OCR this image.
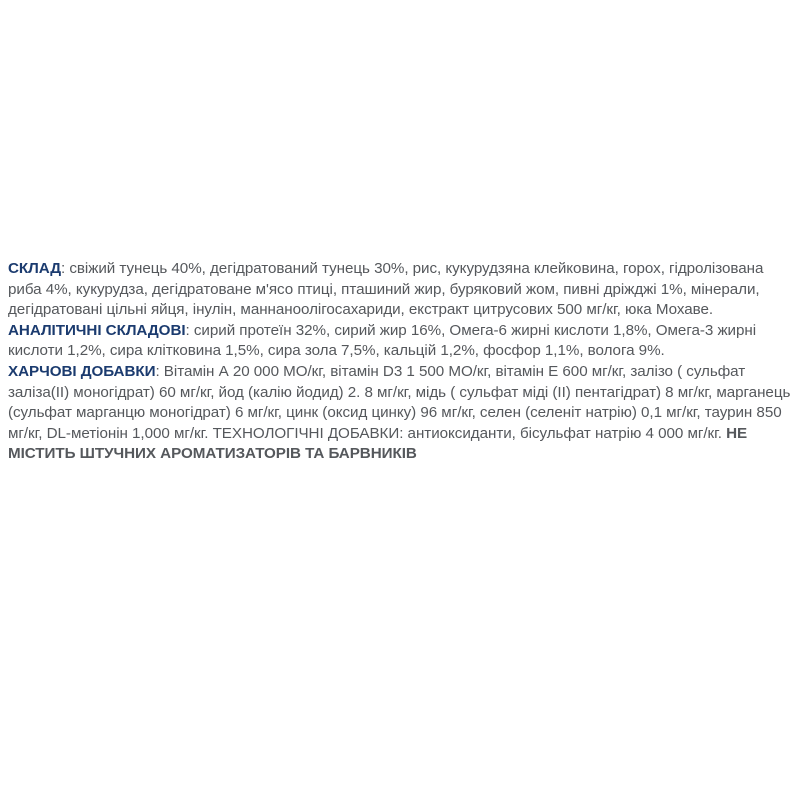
СКЛАД: свіжий тунець 40%, дегідратований тунець 30%, рис, кукурудзяна клейковина, горох, гідролізована риба 4%, кукурудза, дегідратоване м'ясо птиці, пташиний жир, буряковий жом, пивні дріжджі 1%, мінерали, дегідратовані цільні яйця, інулін, маннаноолігосахариди, екстракт цитрусових 500 мг/кг, юка Мохаве.

АНАЛІТИЧНІ СКЛАДОВІ: сирий протеїн 32%, сирий жир 16%, Омега-6 жирні кислоти 1,8%, Омега-3 жирні кислоти 1,2%, сира клітковина 1,5%, сира зола 7,5%, кальцій 1,2%, фосфор 1,1%, волога 9%.

ХАРЧОВІ ДОБАВКИ: Вітамін А 20 000 МО/кг, вітамін D3 1 500 МО/кг, вітамін Е 600 мг/кг, залізо ( сульфат заліза(II) моногідрат) 60 мг/кг, йод (калію йодид) 2. 8 мг/кг, мідь ( сульфат міді (II) пентагідрат) 8 мг/кг, марганець (сульфат марганцю моногідрат) 6 мг/кг, цинк (оксид цинку) 96 мг/кг, селен (селеніт натрію) 0,1 мг/кг, таурин 850 мг/кг, DL-метіонін 1,000 мг/кг. ТЕХНОЛОГІЧНІ ДОБАВКИ: антиоксиданти, бісульфат натрію 4 000 мг/кг. НЕ МІСТИТЬ ШТУЧНИХ АРОМАТИЗАТОРІВ ТА БАРВНИКІВ
